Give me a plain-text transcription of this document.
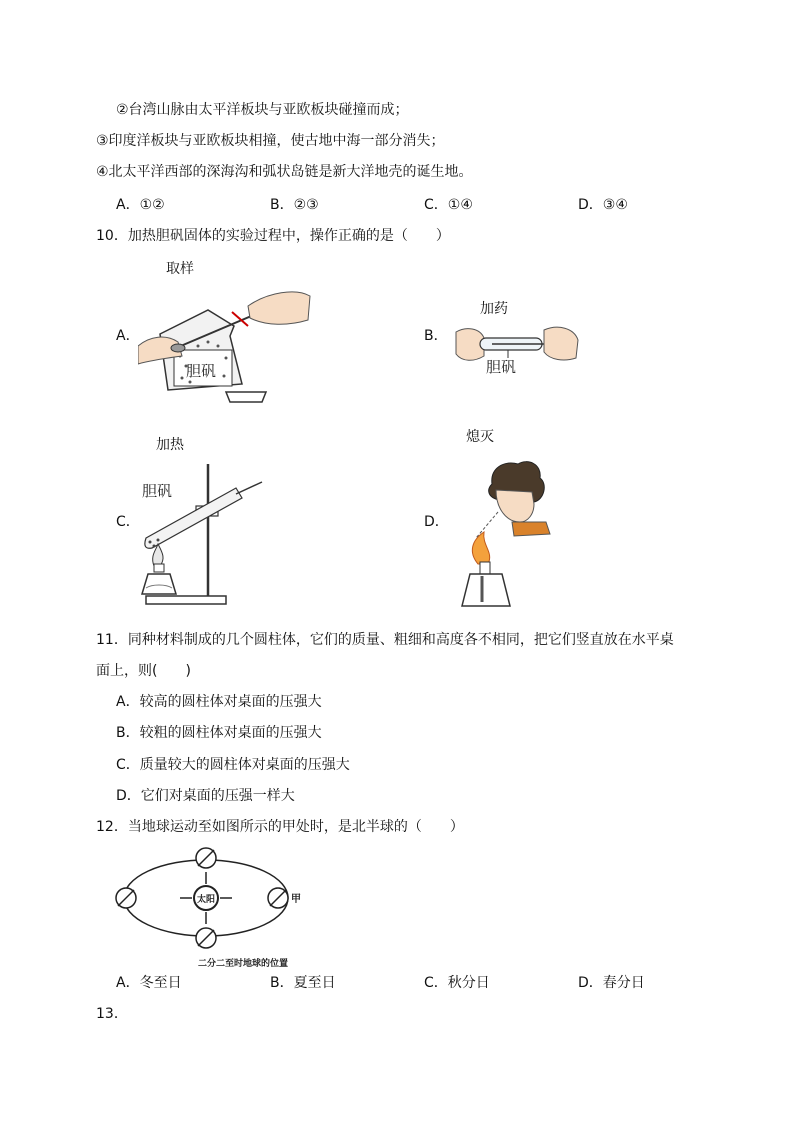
②台湾山脉由太平洋板块与亚欧板块碰撞而成；
③印度洋板块与亚欧板块相撞，使古地中海一部分消失；
④北太平洋西部的深海沟和弧状岛链是新大洋地壳的诞生地。
A．①②	B．②③	C．①④	D．③④
10．加热胆矾固体的实验过程中，操作正确的是（　　）
取样
A．
胆矾
加药
B．
胆矾
加热
C．
胆矾
熄灭
D．
11．同种材料制成的几个圆柱体，它们的质量、粗细和高度各不相同，把它们竖直放在水平桌
面上，则(　　)
A．较高的圆柱体对桌面的压强大
B．较粗的圆柱体对桌面的压强大
C．质量较大的圆柱体对桌面的压强大
D．它们对桌面的压强一样大
12．当地球运动至如图所示的甲处时，是北半球的（　　）
太阳	甲
二分二至时地球的位置
A．冬至日	B．夏至日	C．秋分日	D．春分日
13．
